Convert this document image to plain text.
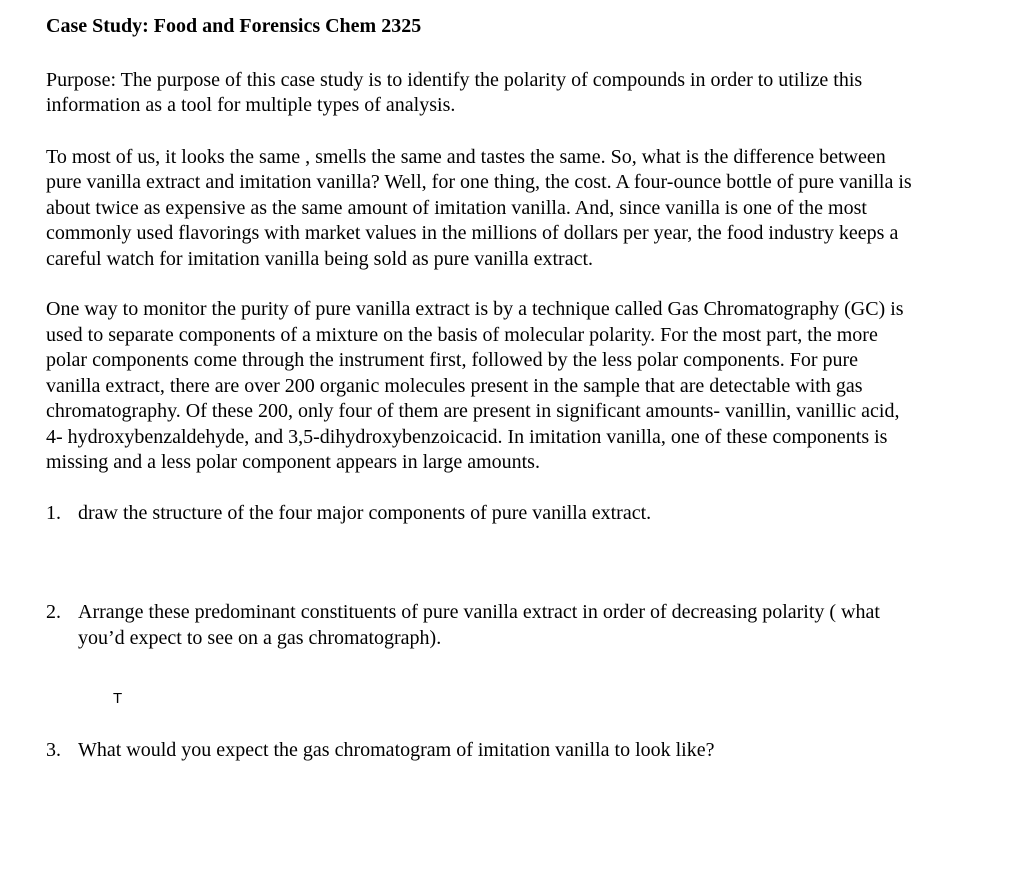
Case Study: Food and Forensics Chem 2325

Purpose: The purpose of this case study is to identify the polarity of compounds in order to utilize this information as a tool for multiple types of analysis.

To most of us, it looks the same , smells the same and tastes the same. So, what is the difference between pure vanilla extract and imitation vanilla? Well, for one thing, the cost. A four-ounce bottle of pure vanilla is about twice as expensive as the same amount of imitation vanilla. And, since vanilla is one of the most commonly used flavorings with market values in the millions of dollars per year, the food industry keeps a careful watch for imitation vanilla being sold as pure vanilla extract.

One way to monitor the purity of pure vanilla extract is by a technique called Gas Chromatography (GC) is used to separate components of a mixture on the basis of molecular polarity. For the most part, the more polar components come through the instrument first, followed by the less polar components. For pure vanilla extract, there are over 200 organic molecules present in the sample that are detectable with gas chromatography. Of these 200, only four of them are present in significant amounts- vanillin, vanillic acid, 4- hydroxybenzaldehyde, and 3,5-dihydroxybenzoicacid. In imitation vanilla, one of these components is missing and a less polar component appears in large amounts.

1. draw the structure of the four major components of pure vanilla extract.
2. Arrange these predominant constituents of pure vanilla extract in order of decreasing polarity ( what you’d expect to see on a gas chromatograph).
T
3. What would you expect the gas chromatogram of imitation vanilla to look like?
